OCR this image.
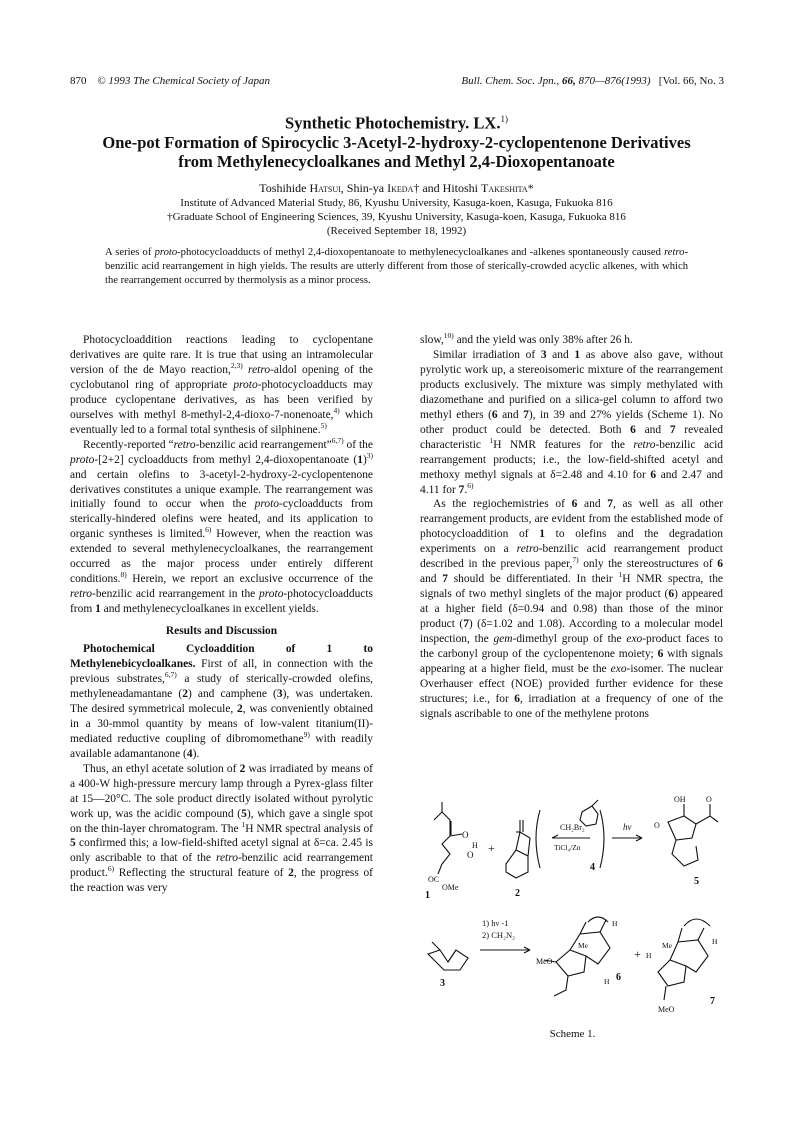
870 © 1993 The Chemical Society of Japan	Bull. Chem. Soc. Jpn., 66, 870—876(1993) [Vol. 66, No. 3
Synthetic Photochemistry. LX.$^{1)}$
One-pot Formation of Spirocyclic 3-Acetyl-2-hydroxy-2-cyclopentenone Derivatives
from Methylenecycloalkanes and Methyl 2,4-Dioxopentanoate
Toshihide Hatsui, Shin-ya Ikeda† and Hitoshi Takeshita*
Institute of Advanced Material Study, 86, Kyushu University, Kasuga-koen, Kasuga, Fukuoka 816
†Graduate School of Engineering Sciences, 39, Kyushu University, Kasuga-koen, Kasuga, Fukuoka 816
(Received September 18, 1992)
A series of proto-photocycloadducts of methyl 2,4-dioxopentanoate to methylenecycloalkanes and -alkenes spontaneously caused retro-benzilic acid rearrangement in high yields. The results are utterly different from those of sterically-crowded acyclic alkenes, with which the rearrangement occurred by thermolysis as a minor process.

Photocycloaddition reactions leading to cyclopentane derivatives are quite rare. It is true that using an intramolecular version of the de Mayo reaction,$^{2,3)}$ retro-aldol opening of the cyclobutanol ring of appropriate proto-photocycloadducts may produce cyclopentane derivatives, as has been verified by ourselves with methyl 8-methyl-2,4-dioxo-7-nonenoate,$^{4)}$ which eventually led to a formal total synthesis of silphinene.$^{5)}$

Recently-reported “retro-benzilic acid rearrangement”$^{6,7)}$ of the proto-[2+2] cycloadducts from methyl 2,4-dioxopentanoate $(1)^{3)}$ and certain olefins to 3-acetyl-2-hydroxy-2-cyclopentenone derivatives constitutes a unique example. The rearrangement was initially found to occur when the proto-cycloadducts from sterically-hindered olefins were heated, and its application to organic syntheses is limited.$^{6)}$ However, when the reaction was extended to several methylenecycloalkanes, the rearrangement occurred as the major process under entirely different conditions.$^{8)}$ Herein, we report an exclusive occurrence of the retro-benzilic acid rearrangement in the proto-photocycloadducts from 1 and methylenecycloalkanes in excellent yields.

Results and Discussion

Photochemical Cycloaddition of 1 to Methylenebicycloalkanes. First of all, in connection with the previous substrates,$^{6,7)}$ a study of sterically-crowded olefins, methyleneadamantane (2) and camphene (3), was undertaken. The desired symmetrical molecule, 2, was conveniently obtained in a 30-mmol quantity by means of low-valent titanium(II)-mediated reductive coupling of dibromomethane$^{9)}$ with readily available adamantanone (4).

Thus, an ethyl acetate solution of 2 was irradiated by means of a 400-W high-pressure mercury lamp through a Pyrex-glass filter at 15—20°C. The sole product directly isolated without pyrolytic work up, was the acidic compound (5), which gave a single spot on the thin-layer chromatogram. The $^1$H NMR spectral analysis of 5 confirmed this; a low-field-shifted acetyl signal at δ=ca. 2.45 is only ascribable to that of the retro-benzilic acid rearrangement product.$^{6)}$ Reflecting the structural feature of 2, the progress of the reaction was very

slow,$^{10)}$ and the yield was only 38% after 26 h.

Similar irradiation of 3 and 1 as above also gave, without pyrolytic work up, a stereoisomeric mixture of the rearrangement products exclusively. The mixture was simply methylated with diazomethane and purified on a silica-gel column to afford two methyl ethers (6 and 7), in 39 and 27% yields (Scheme 1). No other product could be detected. Both 6 and 7 revealed characteristic $^1$H NMR features for the retro-benzilic acid rearrangement products; i.e., the low-field-shifted acetyl and methoxy methyl signals at δ=2.48 and 4.10 for 6 and 2.47 and 4.11 for 7.$^{6)}$

As the regiochemistries of 6 and 7, as well as all other rearrangement products, are evident from the established mode of photocycloaddition of 1 to olefins and the degradation experiments on a retro-benzilic acid rearrangement product described in the previous paper,$^{7)}$ only the stereostructures of 6 and 7 should be differentiated. In their $^1$H NMR spectra, the signals of two methyl singlets of the major product (6) appeared at a higher field (δ=0.94 and 0.98) than those of the minor product (7) (δ=1.02 and 1.08). According to a molecular model inspection, the gem-dimethyl group of the exo-product faces to the carbonyl group of the cyclopentenone moiety; 6 with signals appearing at a higher field, must be the exo-isomer. The nuclear Overhauser effect (NOE) provided further evidence for these structures; i.e., for 6, irradiation at a frequency of one of the signals ascribable to one of the methylene protons

O
O
H
OC
OMe
1
+
2
CH₂Br₂
TiCl₄/Zn
4
hν
OH	O
O
5
3
1) hν -1
2) CH₂N₂
MeO
Me
H
H 6
+ H
Me
MeO
H
7
Scheme 1.
